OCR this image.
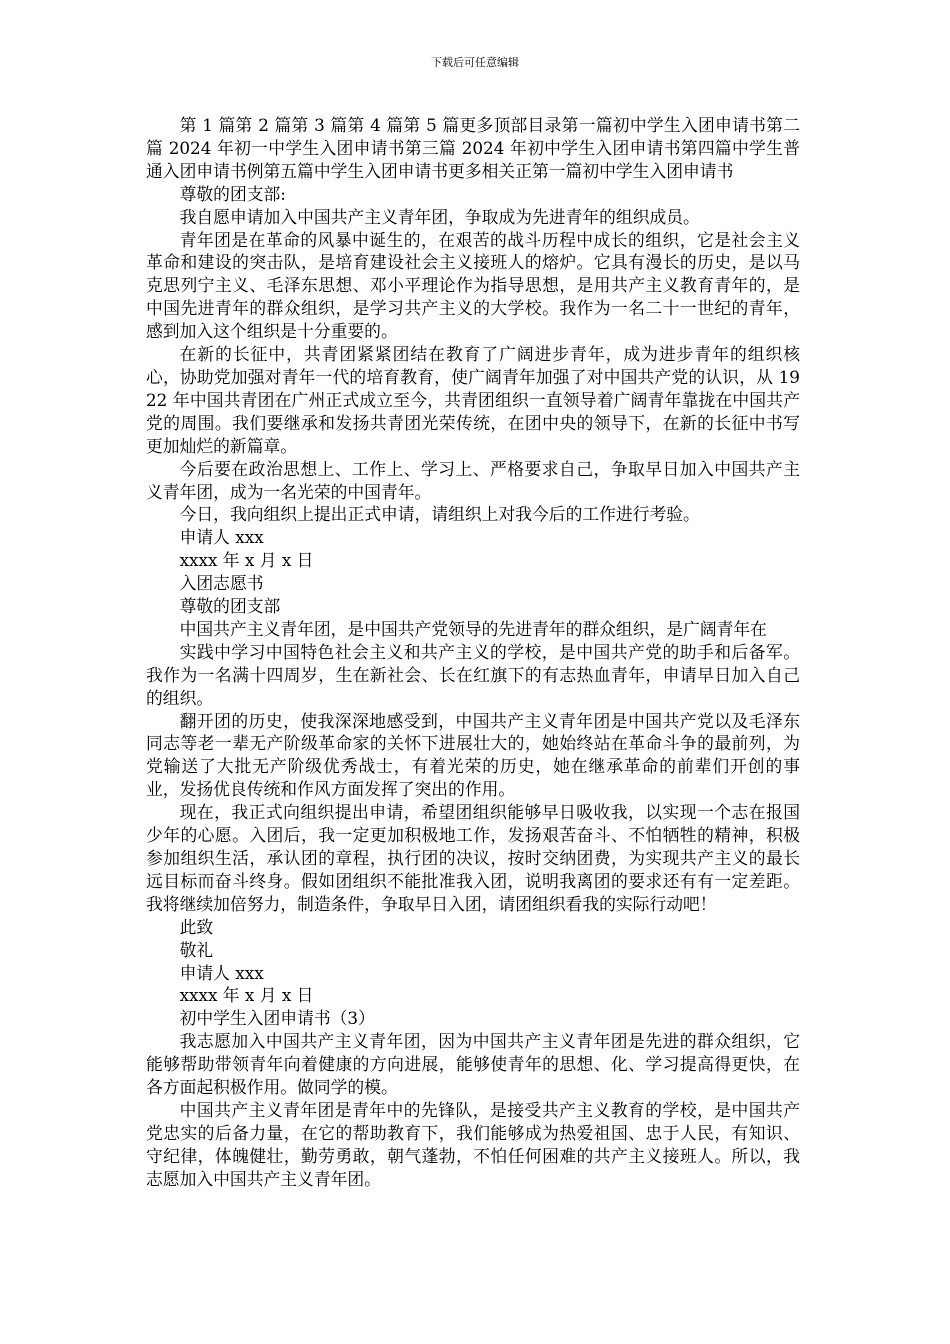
下载后可任意编辑

第 1 篇第 2 篇第 3 篇第 4 篇第 5 篇更多顶部目录第一篇初中学生入团申请书第二篇 2024 年初一中学生入团申请书第三篇 2024 年初中学生入团申请书第四篇中学生普通入团申请书例第五篇中学生入团申请书更多相关正第一篇初中学生入团申请书

尊敬的团支部:

我自愿申请加入中国共产主义青年团，争取成为先进青年的组织成员。

青年团是在革命的风暴中诞生的，在艰苦的战斗历程中成长的组织，它是社会主义革命和建设的突击队，是培育建设社会主义接班人的熔炉。它具有漫长的历史，是以马克思列宁主义、毛泽东思想、邓小平理论作为指导思想，是用共产主义教育青年的，是中国先进青年的群众组织，是学习共产主义的大学校。我作为一名二十一世纪的青年，感到加入这个组织是十分重要的。

在新的长征中，共青团紧紧团结在教育了广阔进步青年，成为进步青年的组织核心，协助党加强对青年一代的培育教育，使广阔青年加强了对中国共产党的认识，从 1922 年中国共青团在广州正式成立至今，共青团组织一直领导着广阔青年靠拢在中国共产党的周围。我们要继承和发扬共青团光荣传统，在团中央的领导下，在新的长征中书写更加灿烂的新篇章。

今后要在政治思想上、工作上、学习上、严格要求自己，争取早日加入中国共产主义青年团，成为一名光荣的中国青年。

今日，我向组织上提出正式申请，请组织上对我今后的工作进行考验。

申请人 xxx

xxxx 年 x 月 x 日

入团志愿书

尊敬的团支部

中国共产主义青年团，是中国共产党领导的先进青年的群众组织，是广阔青年在

实践中学习中国特色社会主义和共产主义的学校，是中国共产党的助手和后备军。我作为一名满十四周岁，生在新社会、长在红旗下的有志热血青年，申请早日加入自己的组织。

翻开团的历史，使我深深地感受到，中国共产主义青年团是中国共产党以及毛泽东同志等老一辈无产阶级革命家的关怀下进展壮大的，她始终站在革命斗争的最前列，为党输送了大批无产阶级优秀战士，有着光荣的历史，她在继承革命的前辈们开创的事业，发扬优良传统和作风方面发挥了突出的作用。

现在，我正式向组织提出申请，希望团组织能够早日吸收我，以实现一个志在报国少年的心愿。入团后，我一定更加积极地工作，发扬艰苦奋斗、不怕牺牲的精神，积极参加组织生活，承认团的章程，执行团的决议，按时交纳团费，为实现共产主义的最长远目标而奋斗终身。假如团组织不能批准我入团，说明我离团的要求还有有一定差距。我将继续加倍努力，制造条件，争取早日入团，请团组织看我的实际行动吧！

此致

敬礼

申请人 xxx

xxxx 年 x 月 x 日

初中学生入团申请书（3）

我志愿加入中国共产主义青年团，因为中国共产主义青年团是先进的群众组织，它能够帮助带领青年向着健康的方向进展，能够使青年的思想、化、学习提高得更快，在各方面起积极作用。做同学的模。

中国共产主义青年团是青年中的先锋队，是接受共产主义教育的学校，是中国共产党忠实的后备力量，在它的帮助教育下，我们能够成为热爱祖国、忠于人民，有知识、守纪律，体魄健壮，勤劳勇敢，朝气蓬勃，不怕任何困难的共产主义接班人。所以，我志愿加入中国共产主义青年团。
